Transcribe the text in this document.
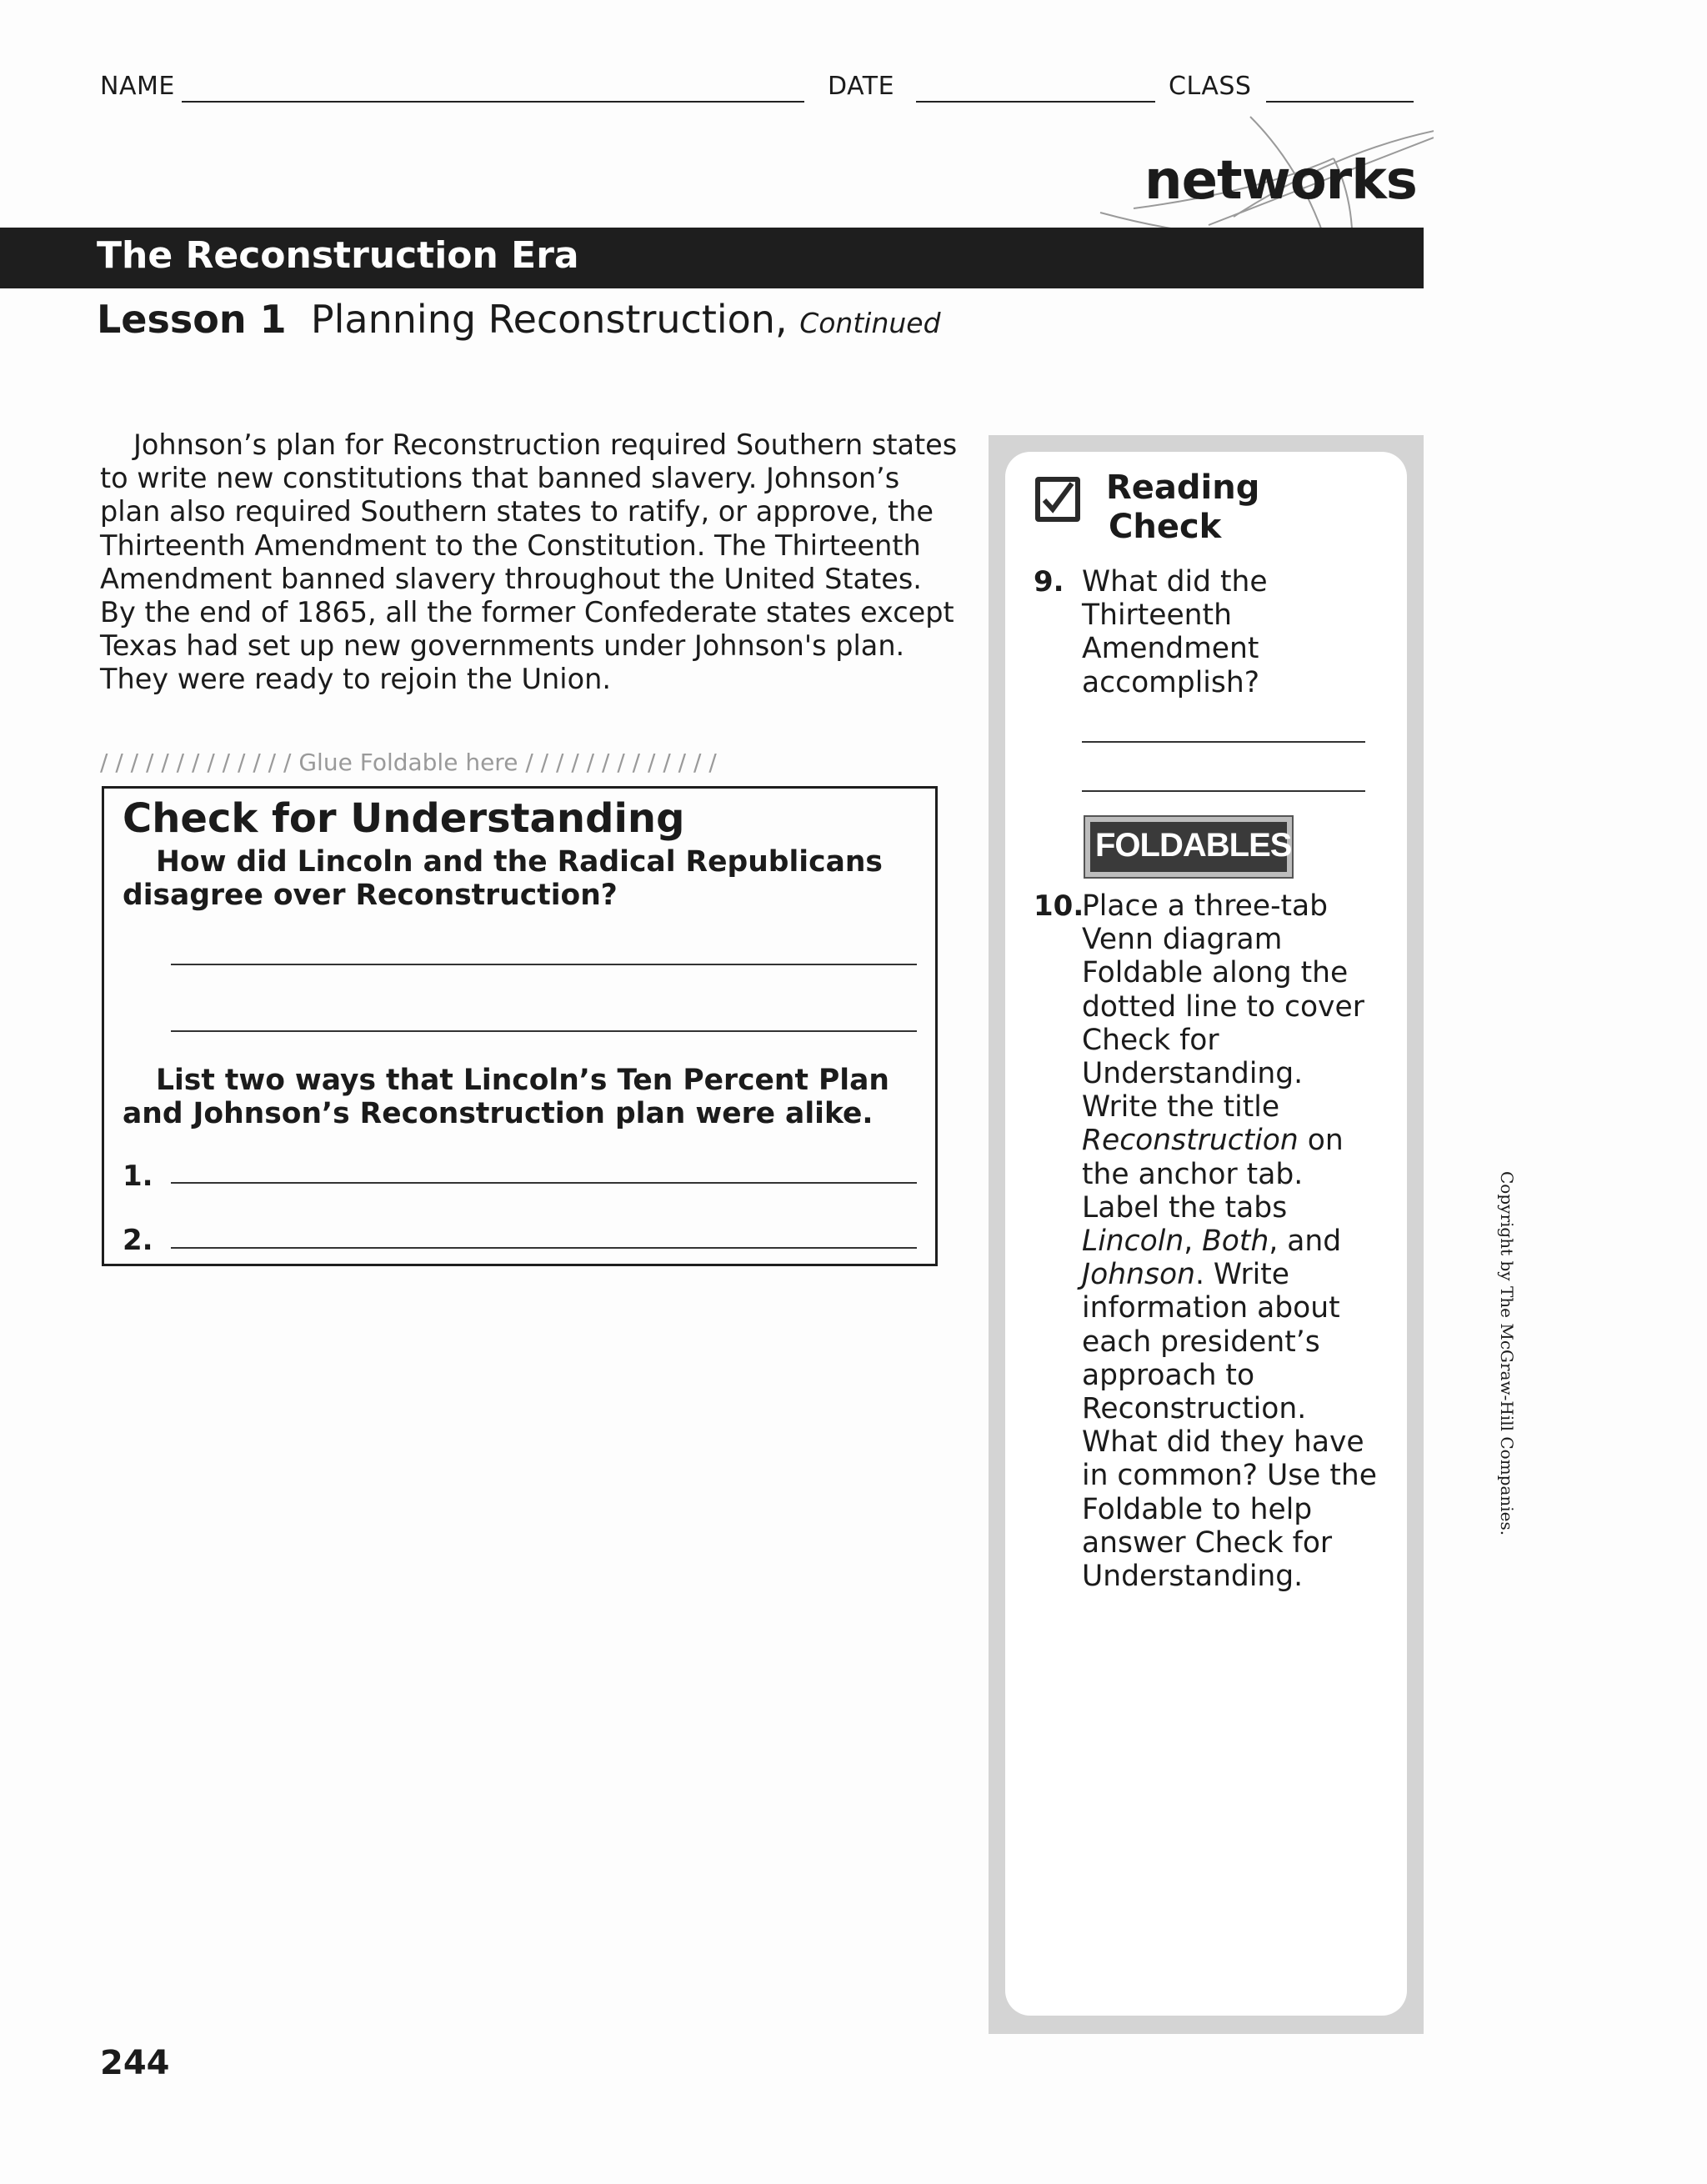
NAME	DATE	CLASS
networks
The Reconstruction Era
Lesson 1 Planning Reconstruction, Continued
Johnson’s plan for Reconstruction required Southern states to write new constitutions that banned slavery. Johnson’s plan also required Southern states to ratify, or approve, the Thirteenth Amendment to the Constitution. The Thirteenth Amendment banned slavery throughout the United States. By the end of 1865, all the former Confederate states except Texas had set up new governments under Johnson's plan. They were ready to rejoin the Union.
/ / / / / / / / / / / / / Glue Foldable here / / / / / / / / / / / / /
Check for Understanding
How did Lincoln and the Radical Republicans disagree over Reconstruction?
List two ways that Lincoln’s Ten Percent Plan and Johnson’s Reconstruction plan were alike.
1.
2.
Reading
Check
9. What did the Thirteenth Amendment accomplish?
FOLDABLES
10.
Place a three-tab Venn diagram Foldable along the dotted line to cover Check for Understanding. Write the title Reconstruction on the anchor tab. Label the tabs Lincoln, Both, and Johnson. Write information about each president’s approach to Reconstruction. What did they have in common? Use the Foldable to help answer Check for Understanding.
Copyright by The McGraw-Hill Companies.
244
